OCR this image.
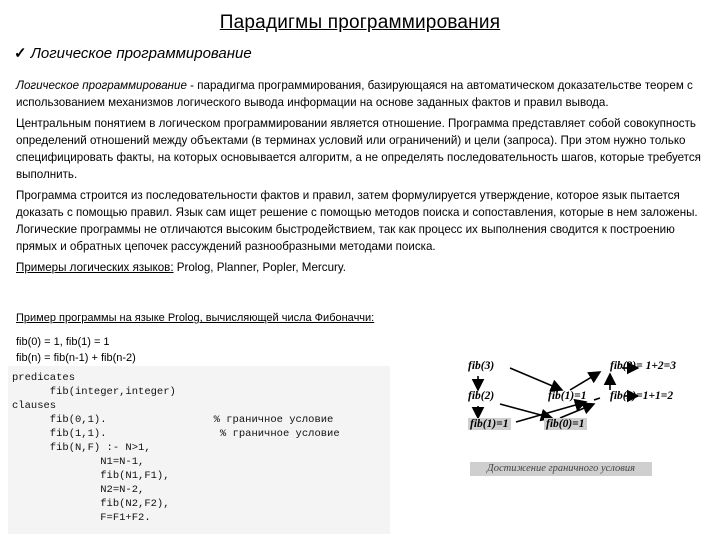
Парадигмы программирования
✓ Логическое программирование

Логическое программирование - парадигма программирования, базирующаяся на автоматическом доказательстве теорем с использованием механизмов логического вывода информации на основе заданных фактов и правил вывода.

Центральным понятием в логическом программировании является отношение. Программа представляет собой совокупность определений отношений между объектами (в терминах условий или ограничений) и цели (запроса). При этом нужно только специфицировать факты, на которых основывается алгоритм, а не определять последовательность шагов, которые требуется выполнить.

Программа строится из последовательности фактов и правил, затем формулируется утверждение, которое язык пытается доказать с помощью правил. Язык сам ищет решение с помощью методов поиска и сопоставления, которые в нем заложены. Логические программы не отличаются высоким быстродействием, так как процесс их выполнения сводится к построению прямых и обратных цепочек рассуждений разнообразными методами поиска.

Примеры логических языков: Prolog, Planner, Popler, Mercury.

Пример программы на языке Prolog, вычисляющей числа Фибоначчи:
fib(0) = 1, fib(1) = 1
fib(n) = fib(n-1) + fib(n-2)
predicates
fib(integer,integer)
clauses
fib(0,1).                 % граничное условие
fib(1,1).                  % граничное условие
fib(N,F) :- N>1,
N1=N-1,
fib(N1,F1),
N2=N-2,
fib(N2,F2),
F=F1+F2.
fib(3)	fib(3)= 1+2=3
fib(2)	fib(1)=1 fib(2)=1+1=2
fib(1)=1	fib(0)=1
Достижение граничного условия
